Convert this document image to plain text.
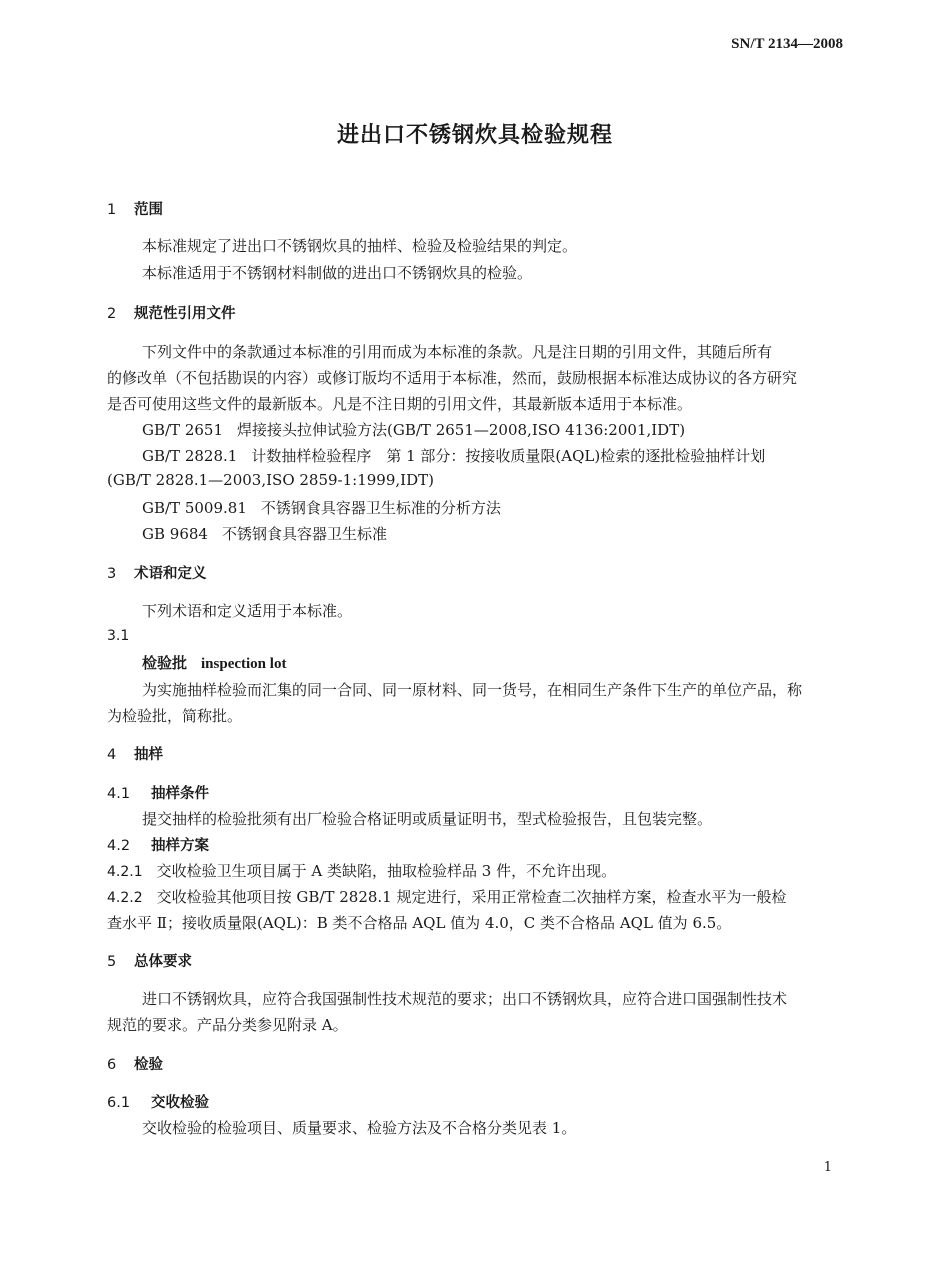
SN/T 2134—2008
进出口不锈钢炊具检验规程
1 范围
本标准规定了进出口不锈钢炊具的抽样、检验及检验结果的判定。
本标准适用于不锈钢材料制做的进出口不锈钢炊具的检验。
2 规范性引用文件
下列文件中的条款通过本标准的引用而成为本标准的条款。凡是注日期的引用文件，其随后所有
的修改单（不包括勘误的内容）或修订版均不适用于本标准，然而，鼓励根据本标准达成协议的各方研究
是否可使用这些文件的最新版本。凡是不注日期的引用文件，其最新版本适用于本标准。
GB/T 2651 焊接接头拉伸试验方法(GB/T 2651—2008,ISO 4136:2001,IDT)
GB/T 2828.1 计数抽样检验程序　第 1 部分：按接收质量限(AQL)检索的逐批检验抽样计划
(GB/T 2828.1—2003,ISO 2859-1:1999,IDT)
GB/T 5009.81 不锈钢食具容器卫生标准的分析方法
GB 9684 不锈钢食具容器卫生标准
3 术语和定义
下列术语和定义适用于本标准。
3.1
检验批 inspection lot
为实施抽样检验而汇集的同一合同、同一原材料、同一货号，在相同生产条件下生产的单位产品，称
为检验批，简称批。
4 抽样
4.1 抽样条件
提交抽样的检验批须有出厂检验合格证明或质量证明书，型式检验报告，且包装完整。
4.2 抽样方案
4.2.1 交收检验卫生项目属于 A 类缺陷，抽取检验样品 3 件，不允许出现。
4.2.2 交收检验其他项目按 GB/T 2828.1 规定进行，采用正常检查二次抽样方案，检查水平为一般检
查水平 Ⅱ；接收质量限(AQL)：B 类不合格品 AQL 值为 4.0，C 类不合格品 AQL 值为 6.5。
5 总体要求
进口不锈钢炊具，应符合我国强制性技术规范的要求；出口不锈钢炊具，应符合进口国强制性技术
规范的要求。产品分类参见附录 A。
6 检验
6.1 交收检验
交收检验的检验项目、质量要求、检验方法及不合格分类见表 1。
1
